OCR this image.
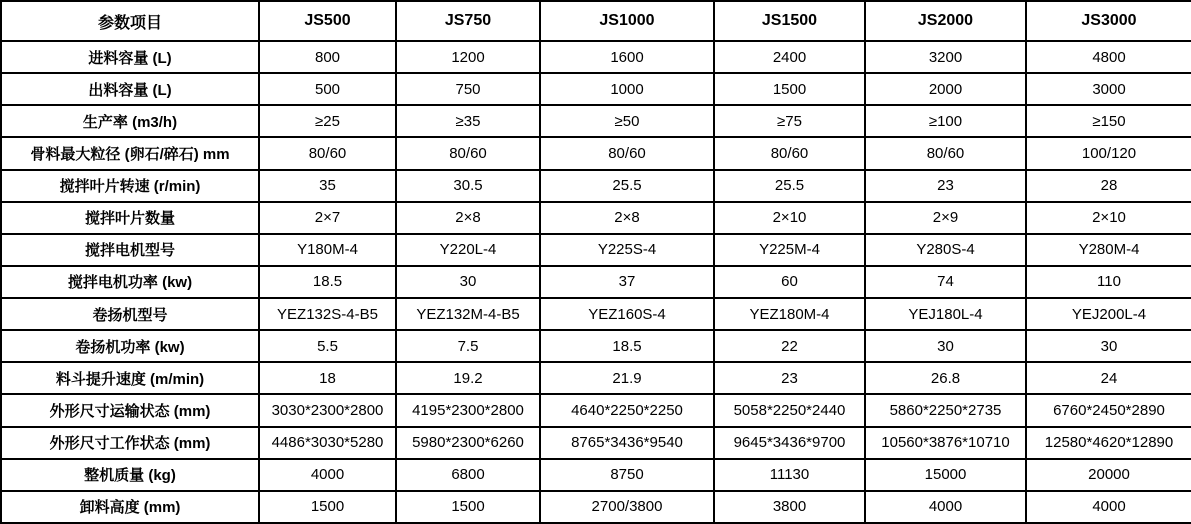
参数项目	JS500	JS750	JS1000	JS1500	JS2000	JS3000
进料容量 (L)	800	1200	1600	2400	3200	4800
出料容量 (L)	500	750	1000	1500	2000	3000
生产率 (m3/h)	≥25	≥35	≥50	≥75	≥100	≥150
骨料最大粒径 (卵石/碎石) mm	80/60	80/60	80/60	80/60	80/60	100/120
搅拌叶片转速 (r/min)	35	30.5	25.5	25.5	23	28
搅拌叶片数量	2×7	2×8	2×8	2×10	2×9	2×10
搅拌电机型号	Y180M-4	Y220L-4	Y225S-4	Y225M-4	Y280S-4	Y280M-4
搅拌电机功率 (kw)	18.5	30	37	60	74	110
卷扬机型号	YEZ132S-4-B5	YEZ132M-4-B5	YEZ160S-4	YEZ180M-4	YEJ180L-4	YEJ200L-4
卷扬机功率 (kw)	5.5	7.5	18.5	22	30	30
料斗提升速度 (m/min)	18	19.2	21.9	23	26.8	24
外形尺寸运输状态 (mm)	3030*2300*2800	4195*2300*2800	4640*2250*2250	5058*2250*2440	5860*2250*2735	6760*2450*2890
外形尺寸工作状态 (mm)	4486*3030*5280	5980*2300*6260	8765*3436*9540	9645*3436*9700	10560*3876*10710	12580*4620*12890
整机质量 (kg)	4000	6800	8750	11130	15000	20000
卸料高度 (mm)	1500	1500	2700/3800	3800	4000	4000
